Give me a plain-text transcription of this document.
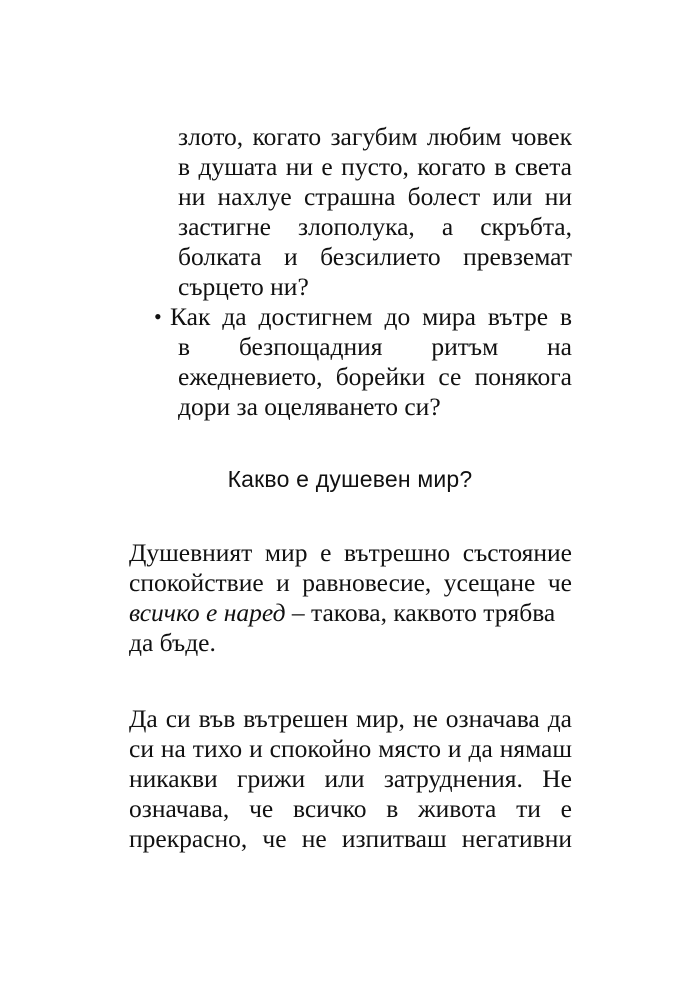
злото, когато загубим любим човек
в душата ни е пусто, когато в света
ни нахлуе страшна болест или ни
застигне злополука, а скръбта,
болката и безсилието превземат
сърцето ни?
• Как да достигнем до мира вътре в
в безпощадния ритъм на
ежедневието, борейки се понякога
дори за оцеляването си?
Какво е душевен мир?
Душевният мир е вътрешно състояние
спокойствие и равновесие, усещане че
всичко е наред – такова, каквото трябва
да бъде.
Да си във вътрешен мир, не означава да
си на тихо и спокойно място и да нямаш
никакви грижи или затруднения. Не
означава, че всичко в живота ти е
прекрасно, че не изпитваш негативни
